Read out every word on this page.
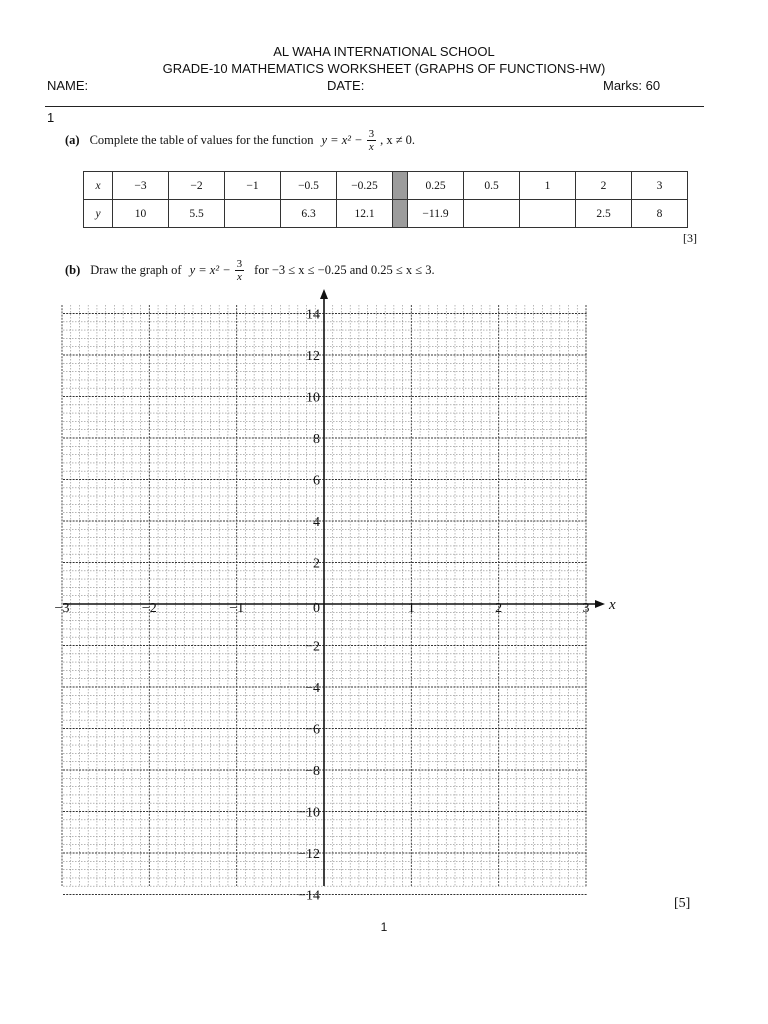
AL WAHA INTERNATIONAL SCHOOL
GRADE-10 MATHEMATICS WORKSHEET (GRAPHS OF FUNCTIONS-HW)
NAME:	DATE:	Marks: 60
1
(a) Complete the table of values for the function $y = x^2 - \frac{3}{x}$ , x ≠ 0.
x	−3	−2	−1	−0.5	−0.25		0.25	0.5	1	2	3
y	10	5.5		6.3	12.1		−11.9			2.5	8
[3]
(b) Draw the graph of $y = x^2 - \frac{3}{x}$ for −3 ≤ x ≤ −0.25 and 0.25 ≤ x ≤ 3.
x
−3	−2	−1	0	1	2	3
14
12
10
8
6
4
2
−2
−4
−6
−8
−10
−12
−14	[5]
1
